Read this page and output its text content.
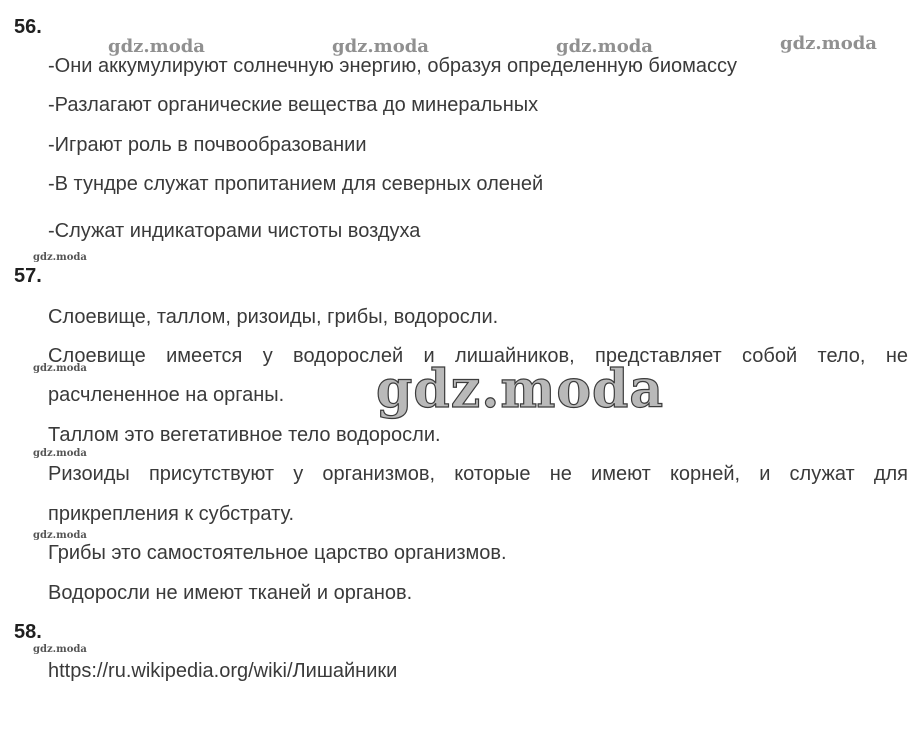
gdz.moda	gdz.moda	gdz.moda	gdz.moda
56.
-Они аккумулируют солнечную энергию, образуя определенную биомассу
-Разлагают органические вещества до минеральных
-Играют роль в почвообразовании
-В тундре служат пропитанием для северных оленей
-Служат индикаторами чистоты воздуха
gdz.moda
57.
Слоевище, таллом, ризоиды, грибы, водоросли.
gdz.moda
Слоевище имеется у водорослей и лишайников, представляет собой тело, не
расчлененное на органы.
Таллом это вегетативное тело водоросли.
gdz.moda
Ризоиды присутствуют у организмов, которые не имеют корней, и служат для
прикрепления к субстрату.
gdz.moda
Грибы это самостоятельное царство организмов.
Водоросли не имеют тканей и органов.
gdz.moda
58.
gdz.moda
https://ru.wikipedia.org/wiki/Лишайники
